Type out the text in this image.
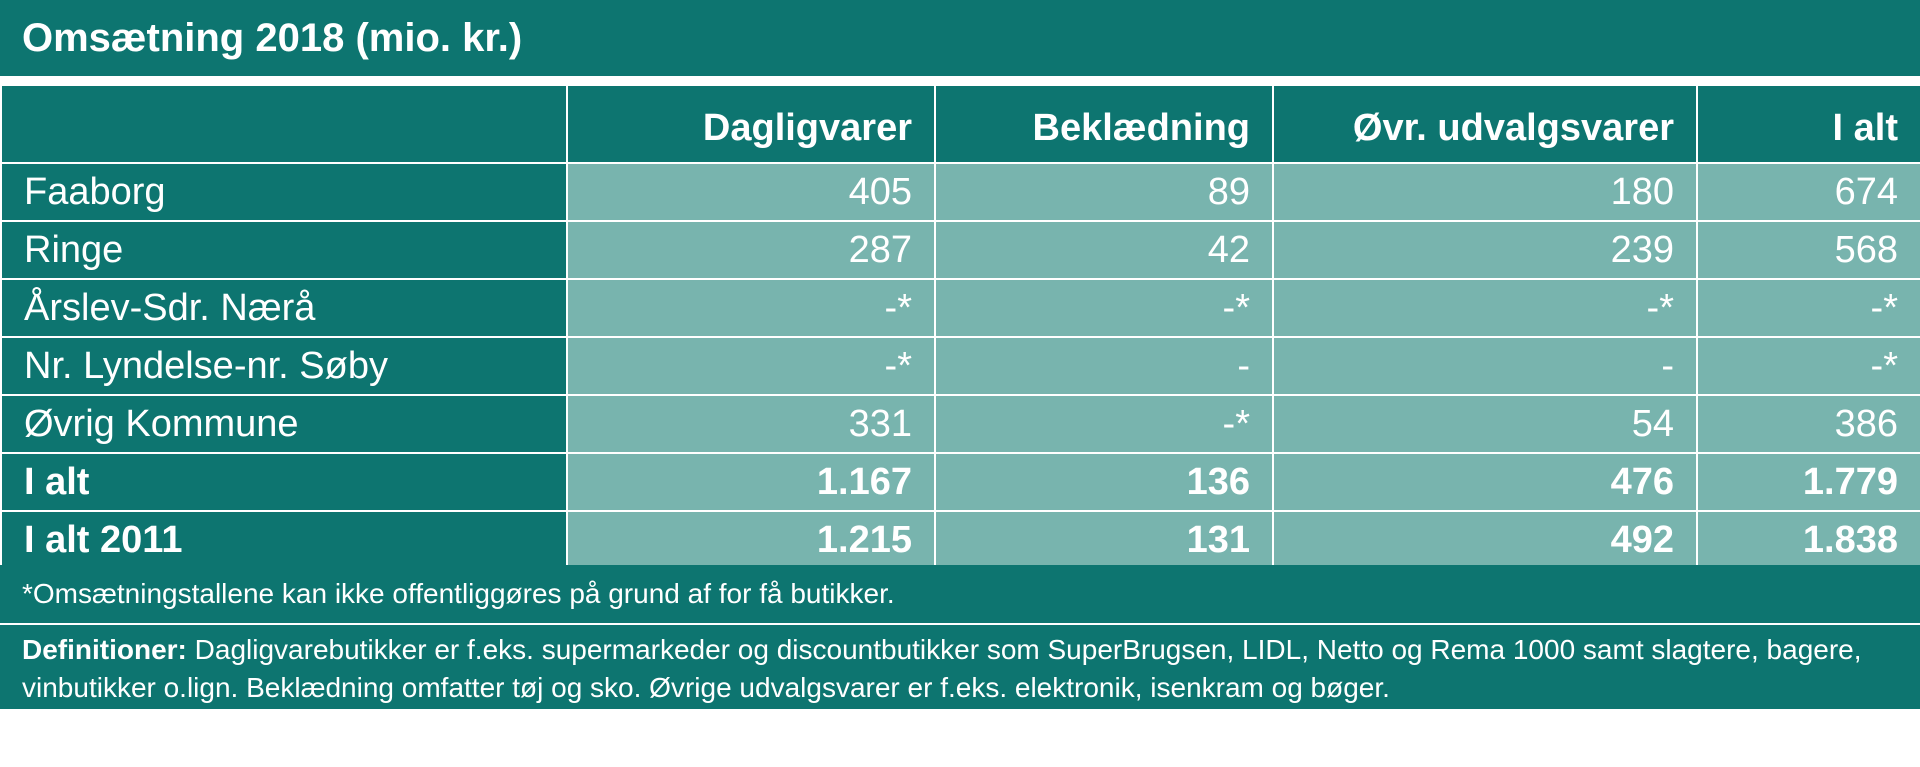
Omsætning 2018 (mio. kr.)
	Dagligvarer	Beklædning	Øvr. udvalgsvarer	I alt
Faaborg	405	89	180	674
Ringe	287	42	239	568
Årslev-Sdr. Nærå	-*	-*	-*	-*
Nr. Lyndelse-nr. Søby	-*	-	-	-*
Øvrig Kommune	331	-*	54	386
I alt	1.167	136	476	1.779
I alt 2011	1.215	131	492	1.838
*Omsætningstallene kan ikke offentliggøres på grund af for få butikker.
Definitioner: Dagligvarebutikker er f.eks. supermarkeder og discountbutikker som SuperBrugsen, LIDL, Netto og Rema 1000 samt slagtere, bagere, vinbutikker o.lign. Beklædning omfatter tøj og sko. Øvrige udvalgsvarer er f.eks. elektronik, isenkram og bøger.
